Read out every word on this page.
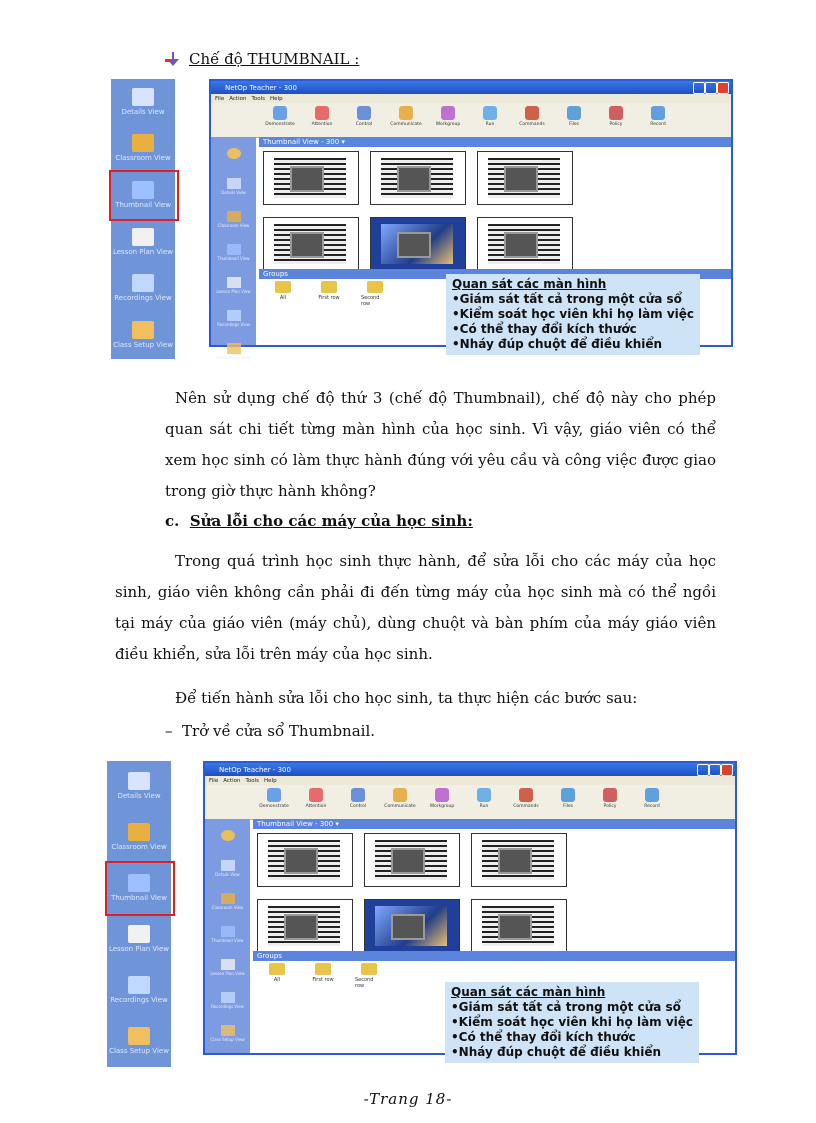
Chế độ THUMBNAIL :
Details View
Classroom View
Thumbnail View
Lesson Plan View
Recordings View
Class Setup View
NetOp Teacher - 300
File Action Tools Help
Demonstrate	Attention	Control	Communicate	Workgroup	Run	Commands	Files	Policy	Record
Details View
Classroom View
Thumbnail View
Lesson Plan View
Recordings View
Class Setup View
Thumbnail View - 300 ▾
Groups
All	First row	Second row
Quan sát các màn hình
•Giám sát tất cả trong một cửa sổ
•Kiểm soát học viên khi họ làm việc
•Có thể thay đổi kích thước
•Nháy đúp chuột để điều khiển

Nên sử dụng chế độ thứ 3 (chế độ Thumbnail), chế độ này cho phép quan sát chi tiết từng màn hình của học sinh. Vì vậy, giáo viên có thể xem học sinh có làm thực hành đúng với yêu cầu và công việc được giao trong giờ thực hành không?

c. Sửa lỗi cho các máy của học sinh:

Trong quá trình học sinh thực hành, để sửa lỗi cho các máy của học sinh, giáo viên không cần phải đi đến từng máy của học sinh mà có thể ngồi tại máy của giáo viên (máy chủ), dùng chuột và bàn phím của máy giáo viên điều khiển, sửa lỗi trên máy của học sinh.

Để tiến hành sửa lỗi cho học sinh, ta thực hiện các bước sau:

–  Trở về cửa sổ Thumbnail.
Details View
Classroom View
Thumbnail View
Lesson Plan View
Recordings View
Class Setup View
NetOp Teacher - 300
File Action Tools Help
Demonstrate	Attention	Control	Communicate	Workgroup	Run	Commands	Files	Policy	Record
Details View
Classroom View
Thumbnail View
Lesson Plan View
Recordings View
Class Setup View
Thumbnail View - 300 ▾
Groups
All	First row	Second row	Quan sát các màn hình
•Giám sát tất cả trong một cửa sổ
•Kiểm soát học viên khi họ làm việc
•Có thể thay đổi kích thước
•Nháy đúp chuột để điều khiển
-Trang 18-
